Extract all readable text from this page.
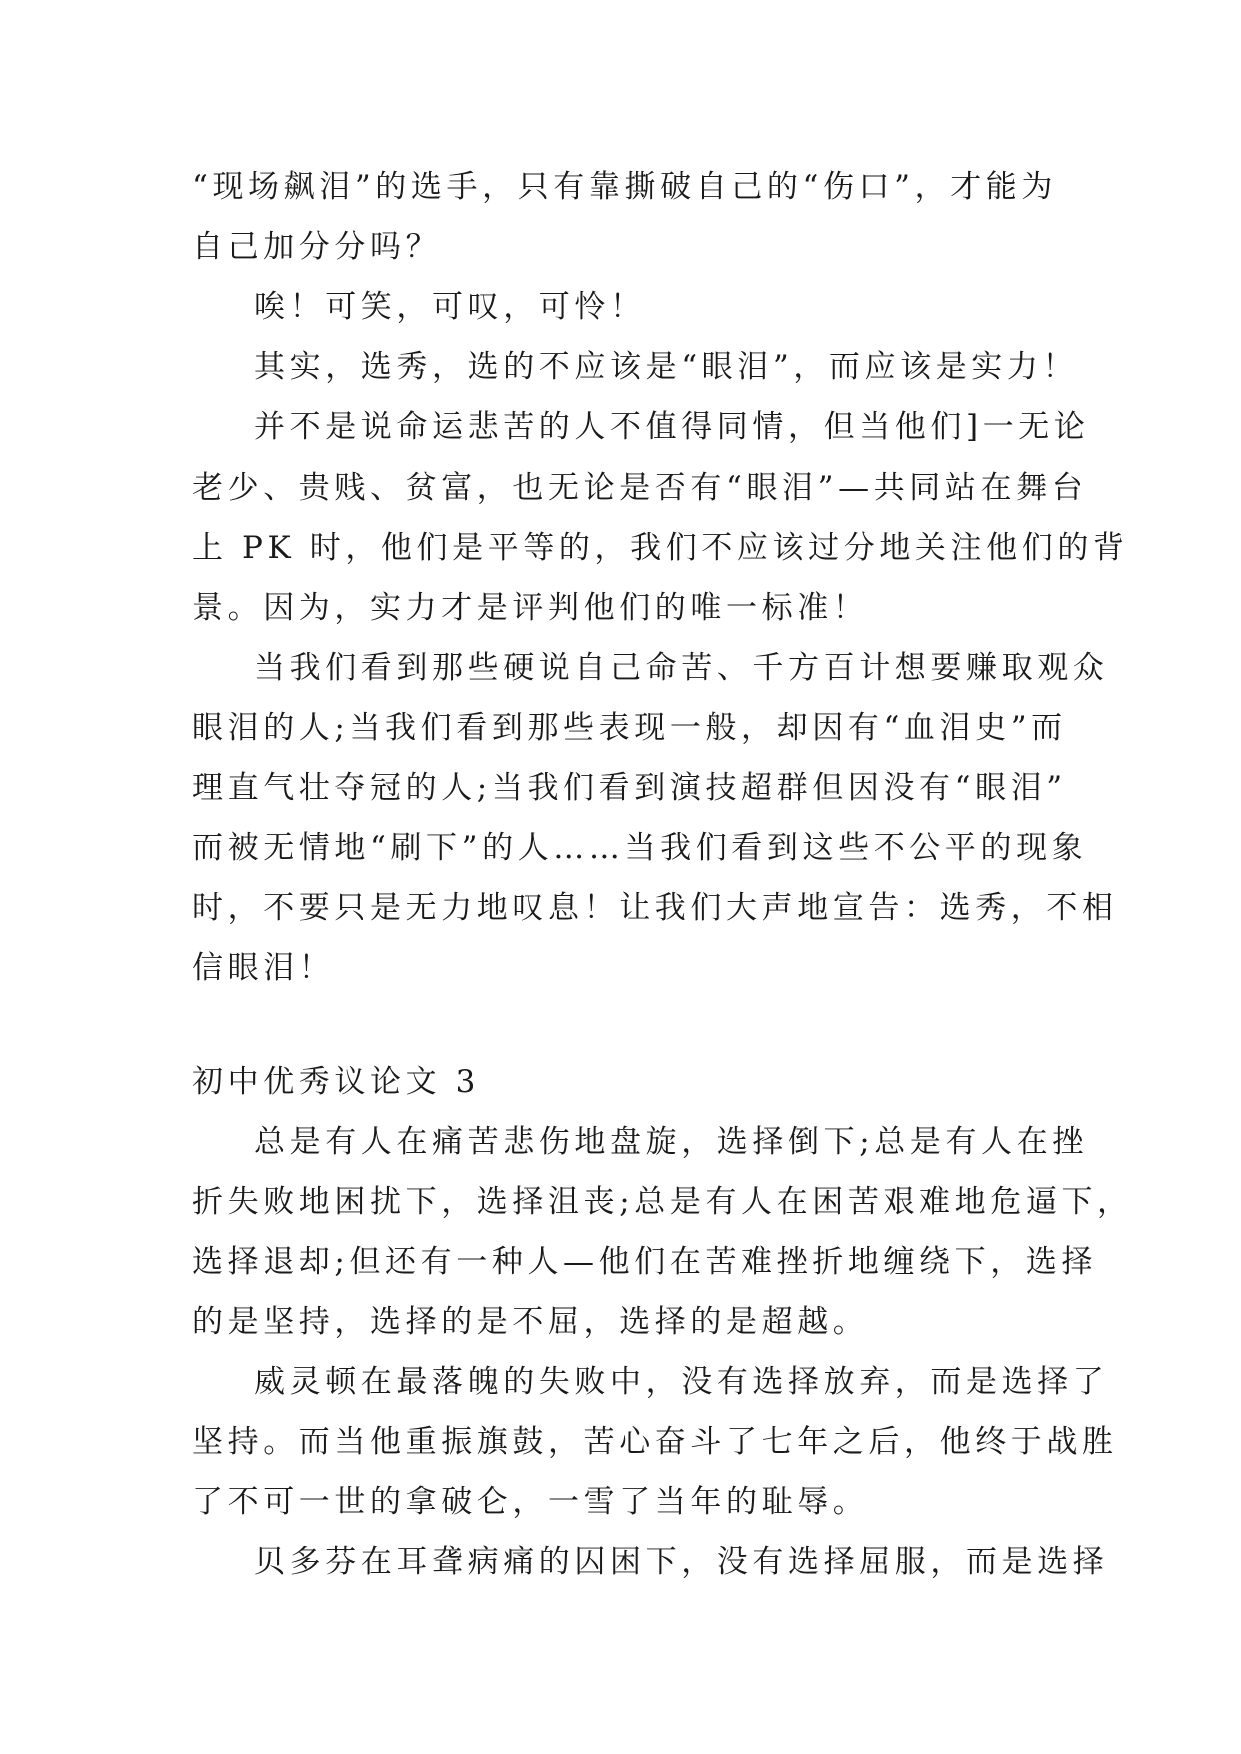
“现场飙泪”的选手，只有靠撕破自己的“伤口”，才能为
自己加分分吗？
唉！可笑，可叹，可怜！
其实，选秀，选的不应该是“眼泪”，而应该是实力！
并不是说命运悲苦的人不值得同情，但当他们]一无论
老少、贵贱、贫富，也无论是否有“眼泪”—共同站在舞台
上 PK 时，他们是平等的，我们不应该过分地关注他们的背
景。因为，实力才是评判他们的唯一标准！
当我们看到那些硬说自己命苦、千方百计想要赚取观众
眼泪的人;当我们看到那些表现一般，却因有“血泪史”而
理直气壮夺冠的人;当我们看到演技超群但因没有“眼泪”
而被无情地“刷下”的人……当我们看到这些不公平的现象
时，不要只是无力地叹息！让我们大声地宣告：选秀，不相
信眼泪！
初中优秀议论文 3
总是有人在痛苦悲伤地盘旋，选择倒下;总是有人在挫
折失败地困扰下，选择沮丧;总是有人在困苦艰难地危逼下，
选择退却;但还有一种人—他们在苦难挫折地缠绕下，选择
的是坚持，选择的是不屈，选择的是超越。
威灵顿在最落魄的失败中，没有选择放弃，而是选择了
坚持。而当他重振旗鼓，苦心奋斗了七年之后，他终于战胜
了不可一世的拿破仑，一雪了当年的耻辱。
贝多芬在耳聋病痛的囚困下，没有选择屈服，而是选择
